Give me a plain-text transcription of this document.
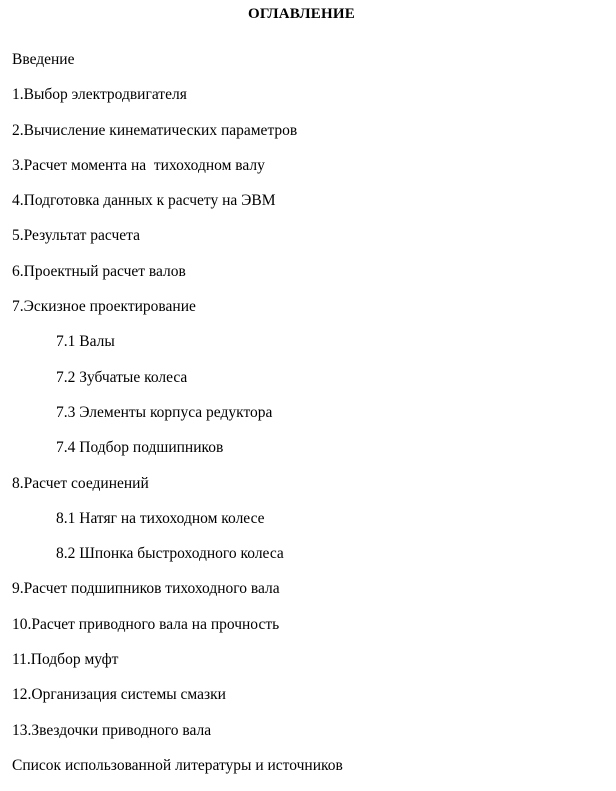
ОГЛАВЛЕНИЕ
Введение
1.Выбор электродвигателя
2.Вычисление кинематических параметров
3.Расчет момента на  тихоходном валу
4.Подготовка данных к расчету на ЭВМ
5.Результат расчета
6.Проектный расчет валов
7.Эскизное проектирование
7.1 Валы
7.2 Зубчатые колеса
7.3 Элементы корпуса редуктора
7.4 Подбор подшипников
8.Расчет соединений
8.1 Натяг на тихоходном колесе
8.2 Шпонка быстроходного колеса
9.Расчет подшипников тихоходного вала
10.Расчет приводного вала на прочность
11.Подбор муфт
12.Организация системы смазки
13.Звездочки приводного вала
Список использованной литературы и источников
